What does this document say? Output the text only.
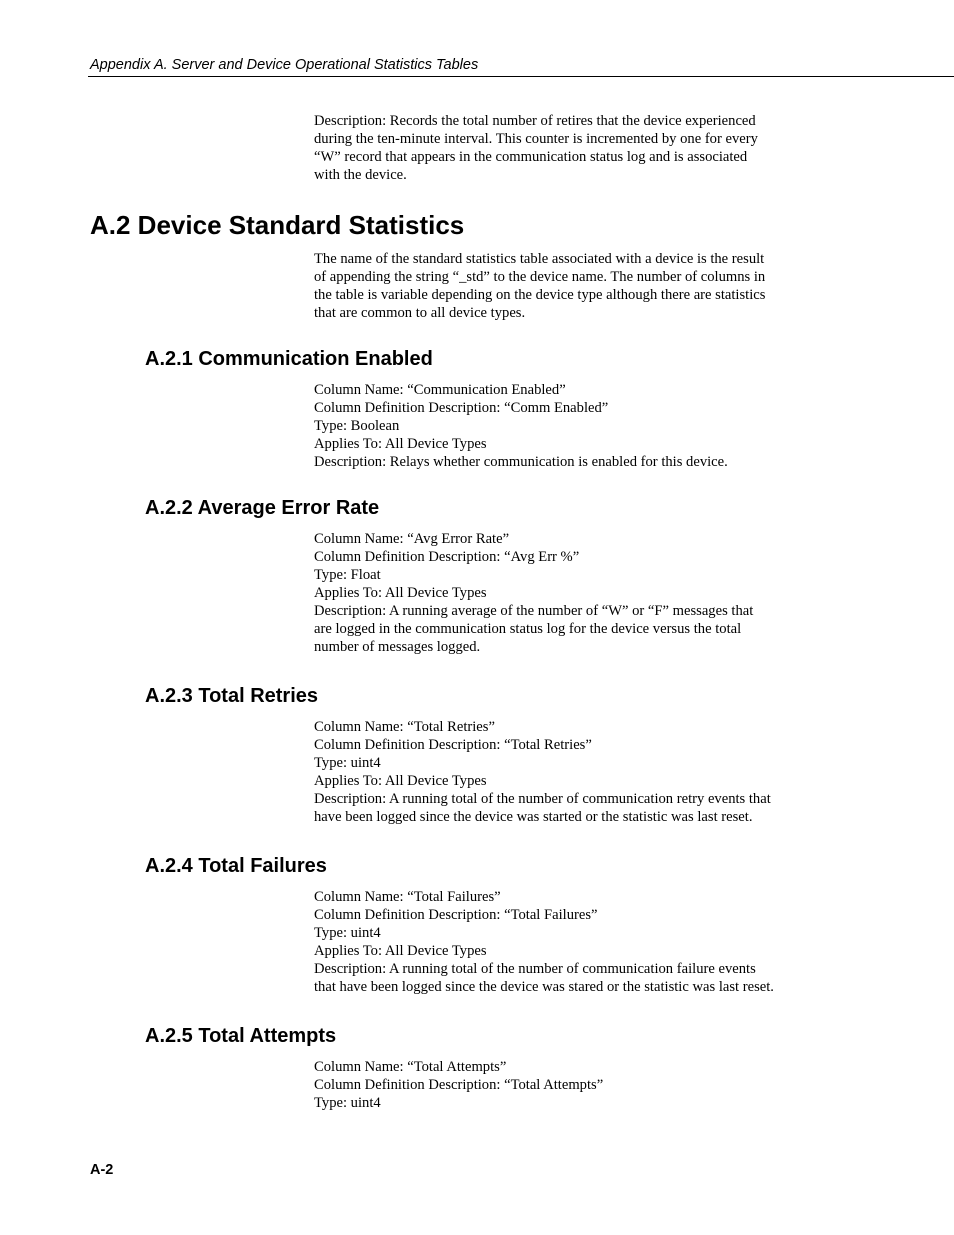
Appendix A. Server and Device Operational Statistics Tables
Description: Records the total number of retires that the device experienced
during the ten-minute interval. This counter is incremented by one for every
“W” record that appears in the communication status log and is associated
with the device.
A.2 Device Standard Statistics
The name of the standard statistics table associated with a device is the result
of appending the string “_std” to the device name. The number of columns in
the table is variable depending on the device type although there are statistics
that are common to all device types.
A.2.1 Communication Enabled
Column Name: “Communication Enabled”
Column Definition Description: “Comm Enabled”
Type: Boolean
Applies To: All Device Types
Description: Relays whether communication is enabled for this device.
A.2.2 Average Error Rate
Column Name: “Avg Error Rate”
Column Definition Description: “Avg Err %”
Type: Float
Applies To: All Device Types
Description: A running average of the number of “W” or “F” messages that
are logged in the communication status log for the device versus the total
number of messages logged.
A.2.3 Total Retries
Column Name: “Total Retries”
Column Definition Description: “Total Retries”
Type: uint4
Applies To: All Device Types
Description: A running total of the number of communication retry events that
have been logged since the device was started or the statistic was last reset.
A.2.4 Total Failures
Column Name: “Total Failures”
Column Definition Description: “Total Failures”
Type: uint4
Applies To: All Device Types
Description: A running total of the number of communication failure events
that have been logged since the device was stared or the statistic was last reset.
A.2.5 Total Attempts
Column Name: “Total Attempts”
Column Definition Description: “Total Attempts”
Type: uint4
A-2
